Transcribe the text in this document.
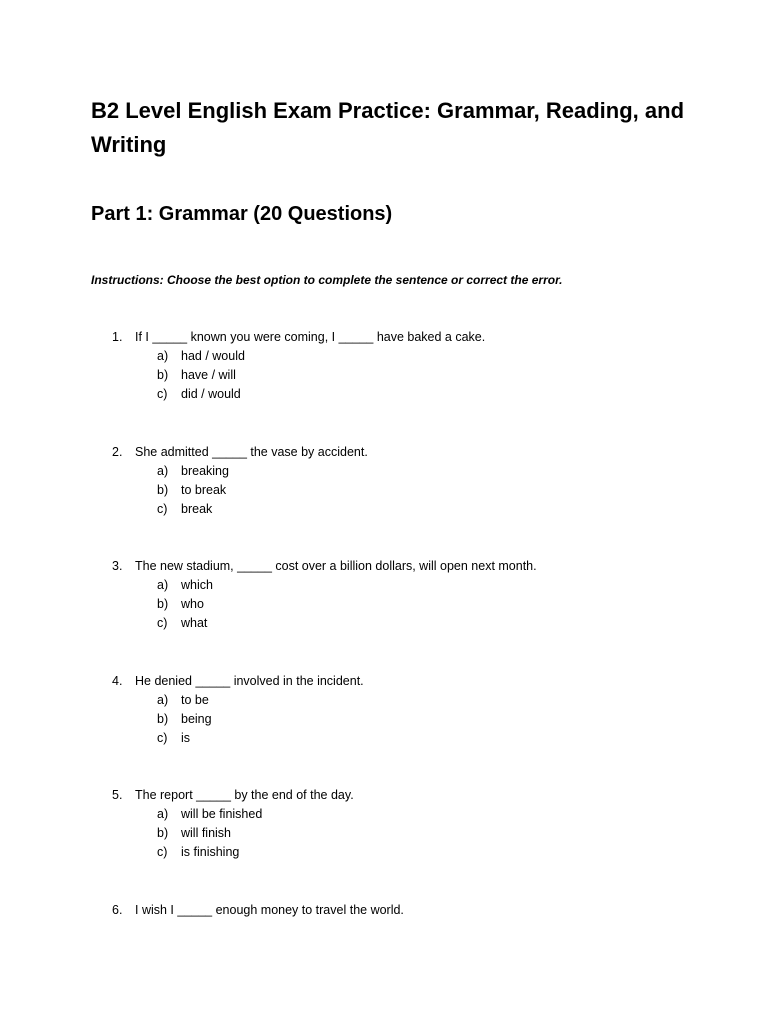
B2 Level English Exam Practice: Grammar, Reading, and Writing
Part 1: Grammar (20 Questions)

Instructions: Choose the best option to complete the sentence or correct the error.

1. If I _____ known you were coming, I _____ have baked a cake.
a) had / would
b) have / will
c) did / would
2. She admitted _____ the vase by accident.
a) breaking
b) to break
c) break
3. The new stadium, _____ cost over a billion dollars, will open next month.
a) which
b) who
c) what
4. He denied _____ involved in the incident.
a) to be
b) being
c) is
5. The report _____ by the end of the day.
a) will be finished
b) will finish
c) is finishing
6. I wish I _____ enough money to travel the world.
